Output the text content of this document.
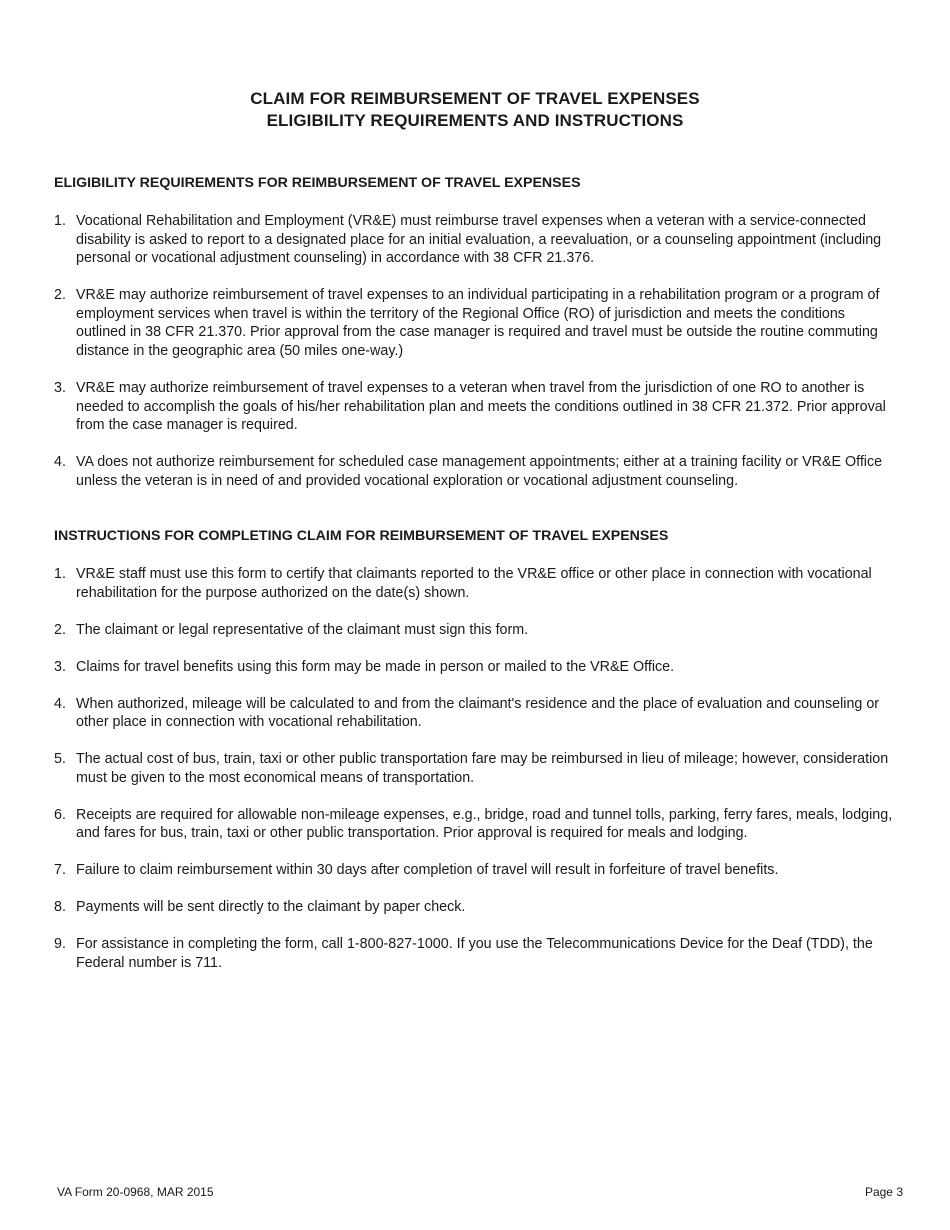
CLAIM FOR REIMBURSEMENT OF TRAVEL EXPENSES
ELIGIBILITY REQUIREMENTS AND INSTRUCTIONS
ELIGIBILITY REQUIREMENTS FOR REIMBURSEMENT OF TRAVEL EXPENSES
1. Vocational Rehabilitation and Employment (VR&E) must reimburse travel expenses when a veteran with a service-connected disability is asked to report to a designated place for an initial evaluation, a reevaluation, or a counseling appointment (including personal or vocational adjustment counseling) in accordance with 38 CFR 21.376.
2. VR&E may authorize reimbursement of travel expenses to an individual participating in a rehabilitation program or a program of employment services when travel is within the territory of the Regional Office (RO) of jurisdiction and meets the conditions outlined in 38 CFR 21.370. Prior approval from the case manager is required and travel must be outside the routine commuting distance in the geographic area (50 miles one-way.)
3. VR&E may authorize reimbursement of travel expenses to a veteran when travel from the jurisdiction of one RO to another is needed to accomplish the goals of his/her rehabilitation plan and meets the conditions outlined in 38 CFR 21.372. Prior approval from the case manager is required.
4. VA does not authorize reimbursement for scheduled case management appointments; either at a training facility or VR&E Office unless the veteran is in need of and provided vocational exploration or vocational adjustment counseling.
INSTRUCTIONS FOR COMPLETING CLAIM FOR REIMBURSEMENT OF TRAVEL EXPENSES
1. VR&E staff must use this form to certify that claimants reported to the VR&E office or other place in connection with vocational rehabilitation for the purpose authorized on the date(s) shown.
2. The claimant or legal representative of the claimant must sign this form.
3. Claims for travel benefits using this form may be made in person or mailed to the VR&E Office.
4. When authorized, mileage will be calculated to and from the claimant's residence and the place of evaluation and counseling or other place in connection with vocational rehabilitation.
5. The actual cost of bus, train, taxi or other public transportation fare may be reimbursed in lieu of mileage; however, consideration must be given to the most economical means of transportation.
6. Receipts are required for allowable non-mileage expenses, e.g., bridge, road and tunnel tolls, parking, ferry fares, meals, lodging, and fares for bus, train, taxi or other public transportation. Prior approval is required for meals and lodging.
7. Failure to claim reimbursement within 30 days after completion of travel will result in forfeiture of travel benefits.
8. Payments will be sent directly to the claimant by paper check.
9. For assistance in completing the form, call 1-800-827-1000. If you use the Telecommunications Device for the Deaf (TDD), the Federal number is 711.
VA Form 20-0968, MAR 2015	Page 3
